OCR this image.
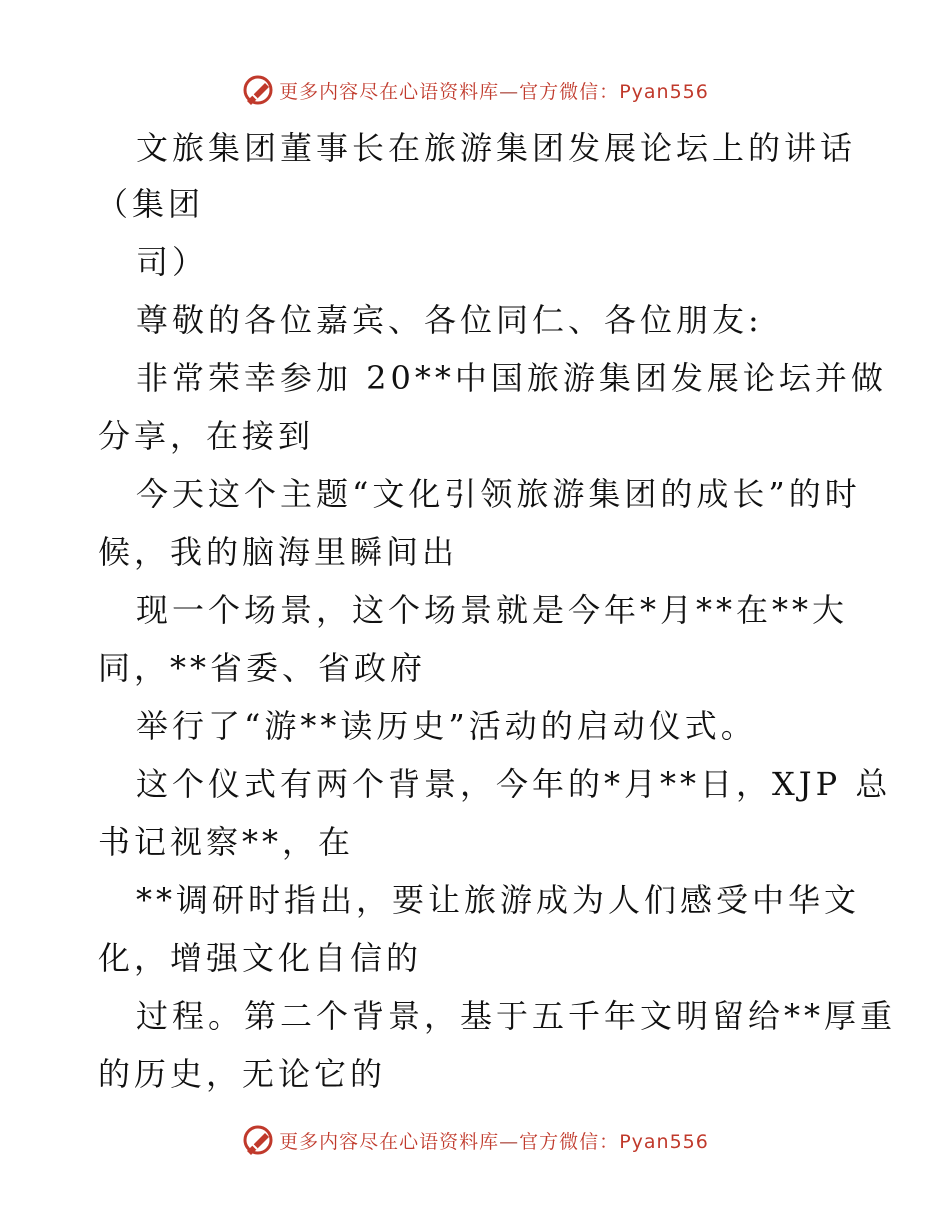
更多内容尽在心语资料库—官方微信：Pyan556
文旅集团董事长在旅游集团发展论坛上的讲话
（集团
司）
尊敬的各位嘉宾、各位同仁、各位朋友:
非常荣幸参加 20**中国旅游集团发展论坛并做
分享，在接到
今天这个主题“文化引领旅游集团的成长”的时
候，我的脑海里瞬间出
现一个场景，这个场景就是今年*月**在**大
同，**省委、省政府
举行了“游**读历史”活动的启动仪式。
这个仪式有两个背景，今年的*月**日，XJP 总
书记视察**，在
**调研时指出，要让旅游成为人们感受中华文
化，增强文化自信的
过程。第二个背景，基于五千年文明留给**厚重
的历史，无论它的
更多内容尽在心语资料库—官方微信：Pyan556
